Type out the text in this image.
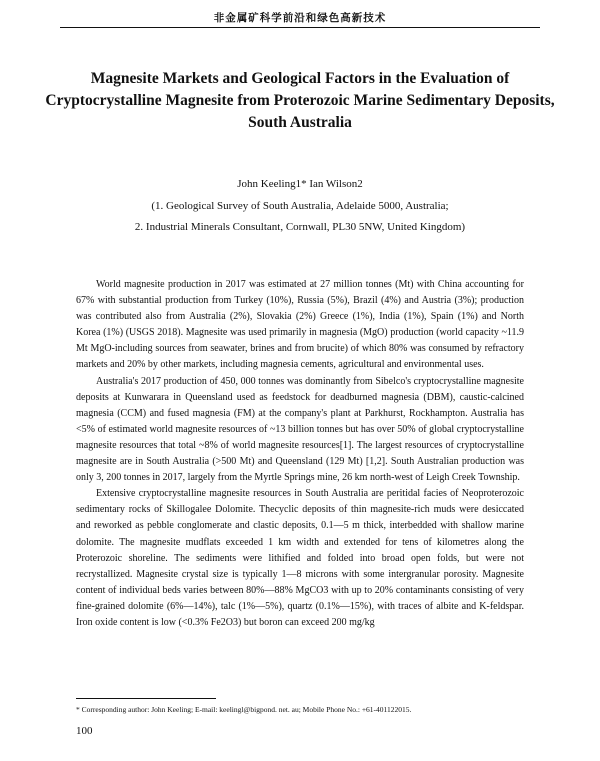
非金属矿科学前沿和绿色高新技术
Magnesite Markets and Geological Factors in the Evaluation of Cryptocrystalline Magnesite from Proterozoic Marine Sedimentary Deposits, South Australia
John Keeling1* Ian Wilson2
(1. Geological Survey of South Australia, Adelaide 5000, Australia;
2. Industrial Minerals Consultant, Cornwall, PL30 5NW, United Kingdom)

World magnesite production in 2017 was estimated at 27 million tonnes (Mt) with China accounting for 67% with substantial production from Turkey (10%), Russia (5%), Brazil (4%) and Austria (3%); production was contributed also from Australia (2%), Slovakia (2%) Greece (1%), India (1%), Spain (1%) and North Korea (1%) (USGS 2018). Magnesite was used primarily in magnesia (MgO) production (world capacity ~11.9 Mt MgO-including sources from seawater, brines and from brucite) of which 80% was consumed by refractory markets and 20% by other markets, including magnesia cements, agricultural and environmental uses.

Australia's 2017 production of 450, 000 tonnes was dominantly from Sibelco's cryptocrystalline magnesite deposits at Kunwarara in Queensland used as feedstock for deadburned magnesia (DBM), caustic-calcined magnesia (CCM) and fused magnesia (FM) at the company's plant at Parkhurst, Rockhampton. Australia has <5% of estimated world magnesite resources of ~13 billion tonnes but has over 50% of global cryptocrystalline magnesite resources that total ~8% of world magnesite resources[1]. The largest resources of cryptocrystalline magnesite are in South Australia (>500 Mt) and Queensland (129 Mt) [1,2]. South Australian production was only 3, 200 tonnes in 2017, largely from the Myrtle Springs mine, 26 km north-west of Leigh Creek Township.

Extensive cryptocrystalline magnesite resources in South Australia are peritidal facies of Neoproterozoic sedimentary rocks of Skillogalee Dolomite. Thecyclic deposits of thin magnesite-rich muds were desiccated and reworked as pebble conglomerate and clastic deposits, 0.1—5 m thick, interbedded with shallow marine dolomite. The magnesite mudflats exceeded 1 km width and extended for tens of kilometres along the Proterozoic shoreline. The sediments were lithified and folded into broad open folds, but were not recrystallized. Magnesite crystal size is typically 1—8 microns with some intergranular porosity. Magnesite content of individual beds varies between 80%—88% MgCO3 with up to 20% contaminants consisting of very fine-grained dolomite (6%—14%), talc (1%—5%), quartz (0.1%—15%), with traces of albite and K-feldspar. Iron oxide content is low (<0.3% Fe2O3) but boron can exceed 200 mg/kg

* Corresponding author: John Keeling; E-mail: keelingl@bigpond. net. au; Mobile Phone No.: +61-401122015.
100
